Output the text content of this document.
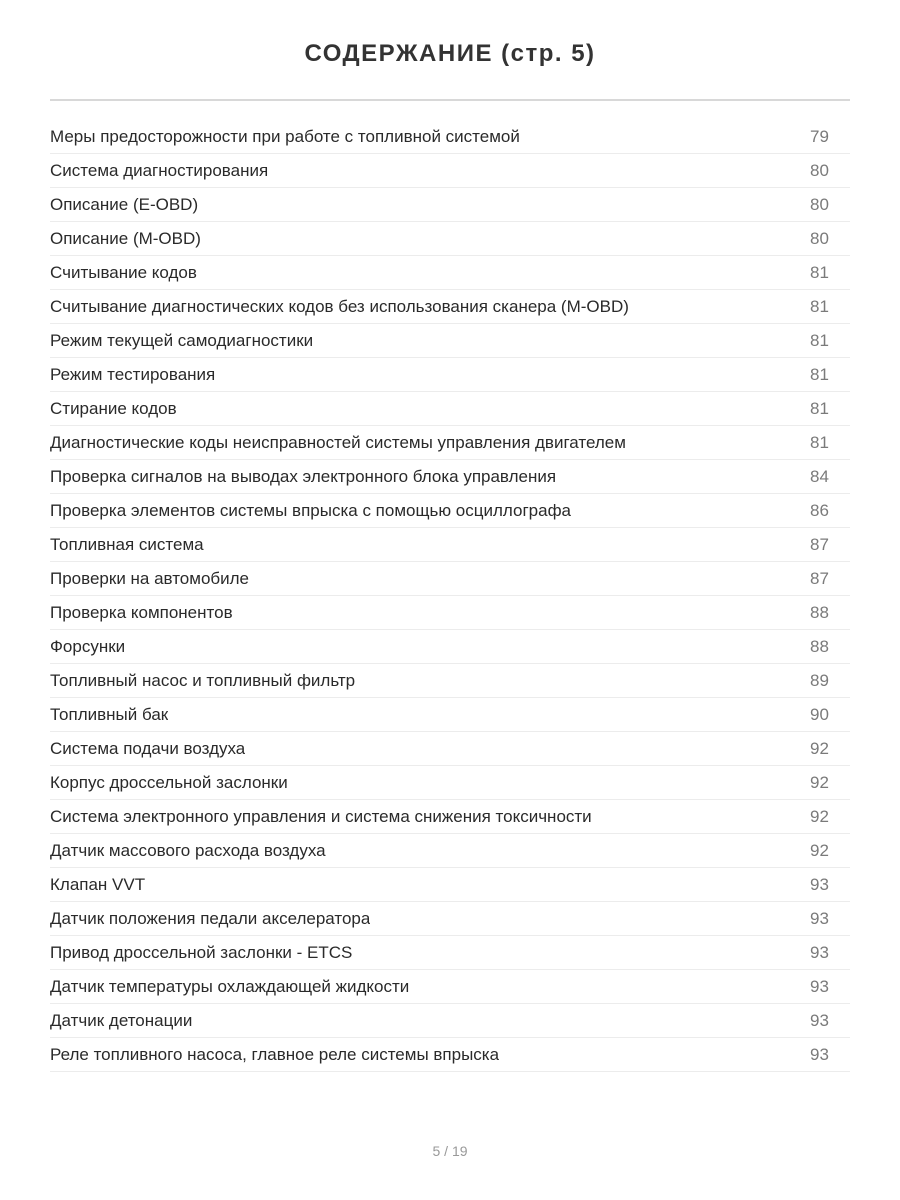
СОДЕРЖАНИЕ (стр. 5)
Меры предосторожности при работе с топливной системой	79
Система диагностирования	80
Описание (E-OBD)	80
Описание (M-OBD)	80
Считывание кодов	81
Считывание диагностических кодов без использования сканера (M-OBD)	81
Режим текущей самодиагностики	81
Режим тестирования	81
Стирание кодов	81
Диагностические коды неисправностей системы управления двигателем	81
Проверка сигналов на выводах электронного блока управления	84
Проверка элементов системы впрыска с помощью осциллографа	86
Топливная система	87
Проверки на автомобиле	87
Проверка компонентов	88
Форсунки	88
Топливный насос и топливный фильтр	89
Топливный бак	90
Система подачи воздуха	92
Корпус дроссельной заслонки	92
Система электронного управления и система снижения токсичности	92
Датчик массового расхода воздуха	92
Клапан VVT	93
Датчик положения педали акселератора	93
Привод дроссельной заслонки - ETCS	93
Датчик температуры охлаждающей жидкости	93
Датчик детонации	93
Реле топливного насоса, главное реле системы впрыска	93
5 / 19
